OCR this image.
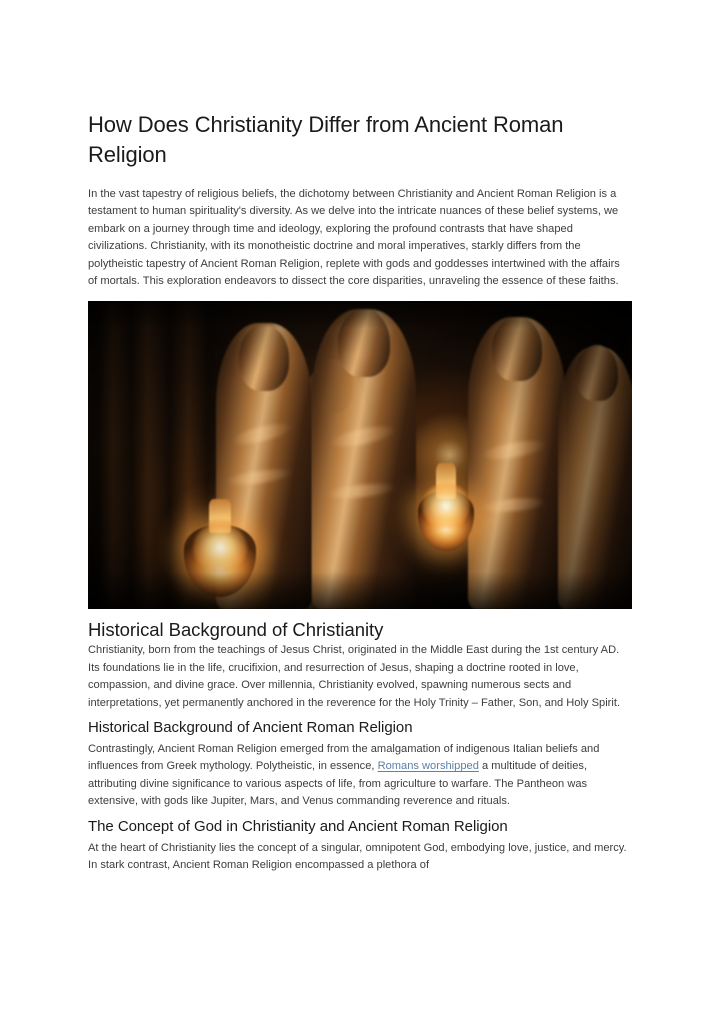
How Does Christianity Differ from Ancient Roman Religion

In the vast tapestry of religious beliefs, the dichotomy between Christianity and Ancient Roman Religion is a testament to human spirituality's diversity. As we delve into the intricate nuances of these belief systems, we embark on a journey through time and ideology, exploring the profound contrasts that have shaped civilizations. Christianity, with its monotheistic doctrine and moral imperatives, starkly differs from the polytheistic tapestry of Ancient Roman Religion, replete with gods and goddesses intertwined with the affairs of mortals. This exploration endeavors to dissect the core disparities, unraveling the essence of these faiths.

Historical Background of Christianity

Christianity, born from the teachings of Jesus Christ, originated in the Middle East during the 1st century AD. Its foundations lie in the life, crucifixion, and resurrection of Jesus, shaping a doctrine rooted in love, compassion, and divine grace. Over millennia, Christianity evolved, spawning numerous sects and interpretations, yet permanently anchored in the reverence for the Holy Trinity – Father, Son, and Holy Spirit.

Historical Background of Ancient Roman Religion

Contrastingly, Ancient Roman Religion emerged from the amalgamation of indigenous Italian beliefs and influences from Greek mythology. Polytheistic, in essence, Romans worshipped a multitude of deities, attributing divine significance to various aspects of life, from agriculture to warfare. The Pantheon was extensive, with gods like Jupiter, Mars, and Venus commanding reverence and rituals.

The Concept of God in Christianity and Ancient Roman Religion

At the heart of Christianity lies the concept of a singular, omnipotent God, embodying love, justice, and mercy. In stark contrast, Ancient Roman Religion encompassed a plethora of
